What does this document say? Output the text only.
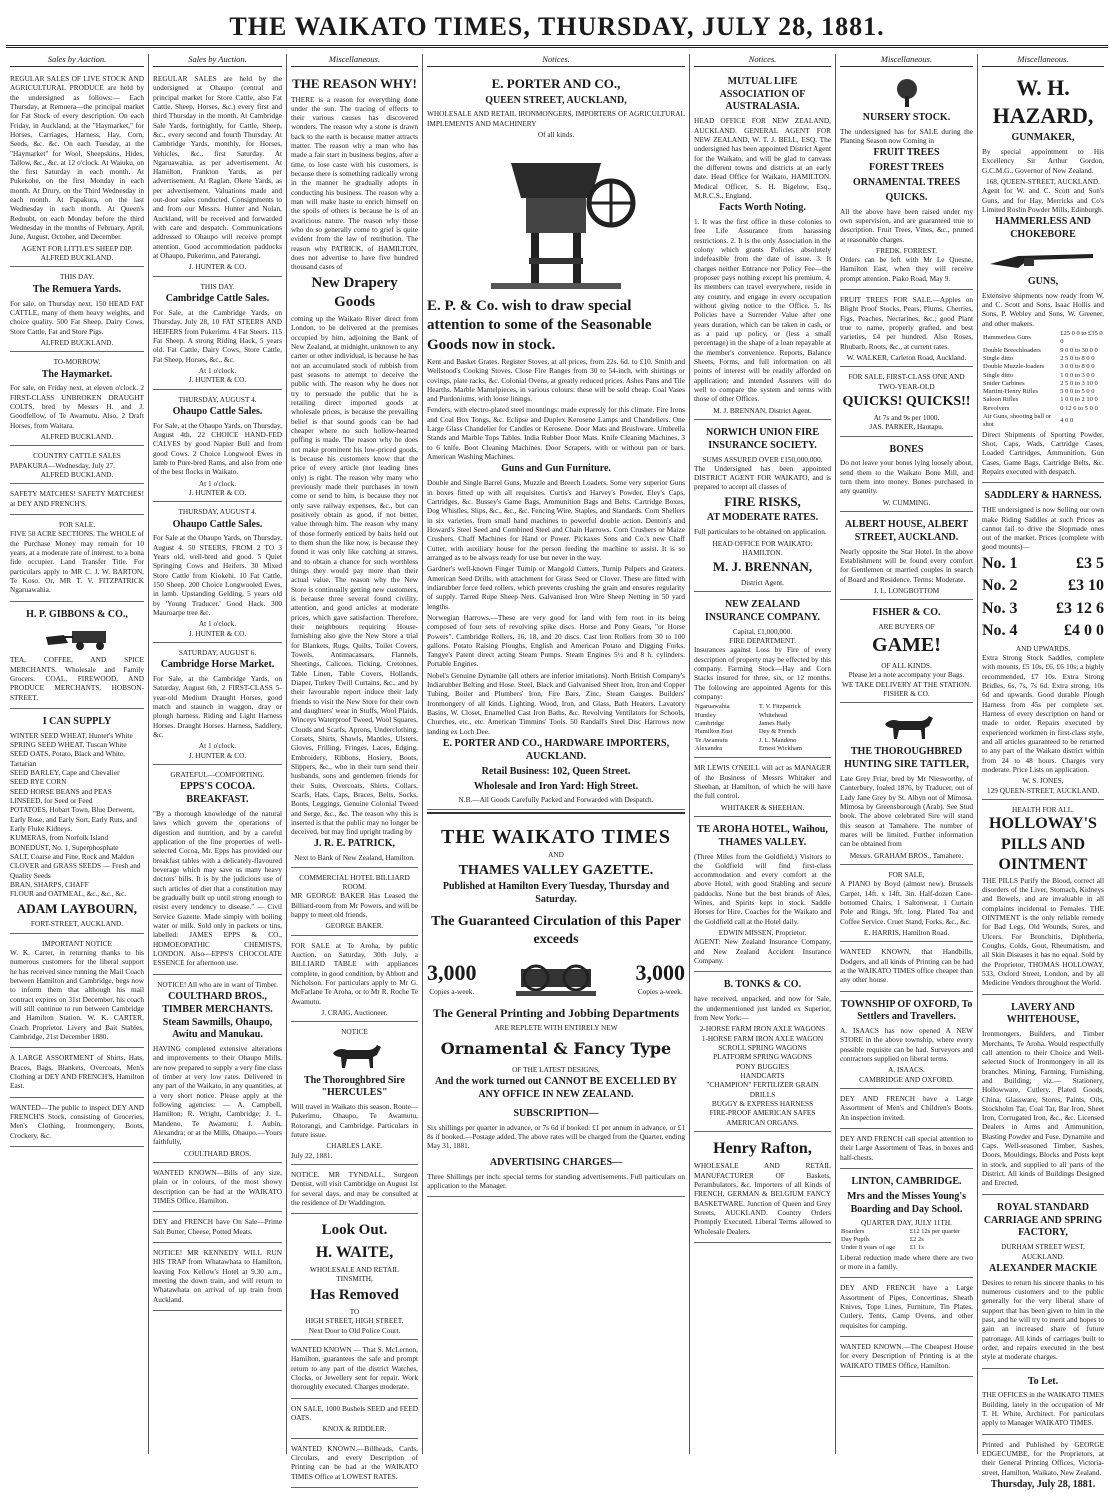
THE WAIKATO TIMES, THURSDAY, JULY 28, 1881.
Sales by Auction.

REGULAR SALES OF LIVE STOCK AND AGRICULTURAL PRODUCE are held by the undersigned as follows:— Each Thursday, at Remuera—the principal market for Fat Stock of every description. On each Friday, in Auckland, at the "Haymarket," for Horses, Carriages, Harness, Hay, Corn, Seeds, &c. &c. On each Tuesday, at the "Haymarket" for Wool, Sheepskins, Hides, Tallow, &c., &c. at 12 o'clock. At Waiuku, on the first Saturday in each month. At Pukekohe, on the first Monday in each month. At Drury, on the Third Wednesday in each month. At Papakura, on the last Wednesday in each month. At Queen's Redoubt, on each Monday before the third Wednesday in the months of February, April, June, August, October, and December.

AGENT FOR LITTLE'S SHEEP DIP.
ALFRED BUCKLAND.
THIS DAY.
The Remuera Yards.

For sale, on Thursday next, 150 HEAD FAT CATTLE, many of them heavy weights, and choice quality. 500 Fat Sheep. Dairy Cows, Store Cattle, Fat and Store Pigs.

ALFRED BUCKLAND.
TO-MORROW.
The Haymarket.

For sale, on Friday next, at eleven o'clock. 2 FIRST-CLASS UNBROKEN DRAUGHT COLTS, bred by Messrs H. and J. Goodfellow, of Te Awamutu. Also, 2 Draft Horses, from Waitara.

ALFRED BUCKLAND.
COUNTRY CATTLE SALES
PAPAKURA—Wednesday, July 27.
ALFRED BUCKLAND.

SAFETY MATCHES! SAFETY MATCHES! at DEY AND FRENCH'S.

FOR SALE.

FIVE 50 ACRE SECTIONS. The WHOLE of the Purchase Money may remain for 10 years, at a moderate rate of interest, to a bona fide occupier. Land Transfer Title. For particulars apply to MR C. J. W. BARTON, Te Koso. Or, MR T. V. FITZPATRICK Ngaruawahia.

H. P. GIBBONS & CO.,

TEA, COFFEE, AND SPICE MERCHANTS. Wholesale and Family Grocers. COAL, FIREWOOD, AND PRODUCE MERCHANTS. HOBSON-STREET.

I CAN SUPPLY
WINTER SEED WHEAT, Hunter's White
SPRING SEED WHEAT, Tuscan White
SEED OATS, Potato, Black and White, Tartarian
SEED BARLEY, Cape and Chevalier
SEED RYE CORN
SEED HORSE BEANS and PEAS
LINSEED, for Seed or Feed
POTATOES, Hobart Town, Blue Derwent, Early Rose, and Early Sort, Early Ruts, and Early Fluke Kidneys.
KUMERAS, from Norfolk Island
BONEDUST, No. 1, Superphosphate
SALT, Coarse and Fine, Rock and Maldon
CLOVER and GRASS SEEDS — Fresh and Quality Seeds
BRAN, SHARPS, CHAFF
FLOUR and OATMEAL, &c., &c., &c.
ADAM LAYBOURN,
FORT-STREET, AUCKLAND.
IMPORTANT NOTICE

W. K. Carter, in returning thanks to his numerous customers for the liberal support he has received since running the Mail Coach between Hamilton and Cambridge, begs now to inform them that although his mail contract expires on 31st December, his coach will still continue to run between Cambridge and Hamilton Station. W. K. CARTER, Coach Proprietor. Livery and Bait Stables, Cambridge, 21st December 1880.

A LARGE ASSORTMENT of Shirts, Hats, Braces, Bags, Blankets, Overcoats, Men's Clothing at DEY AND FRENCH'S, Hamilton East.

WANTED—The public to inspect DEY AND FRENCH'S Stock, consisting of Groceries, Men's Clothing, Ironmongery, Boots, Crockery, &c.

Sales by Auction.

REGULAR SALES are held by the undersigned at Ohaupo (central and principal market for Store Cattle, also Fat Cattle, Sheep, Horses, &c.) every first and third Thursday in the month. At Cambridge Sale Yards, fortnightly, for Cattle, Sheep, &c., every second and fourth Thursday. At Cambridge Yards, monthly, for Horses, Vehicles, &c., first Saturday. At Ngaruawahia, as per advertisement. At Hamilton, Frankton Yards, as per advertisement. At Raglan, Okete Yards, as per advertisement. Valuations made and out-door sales conducted. Consignments to and from our Messrs. Hunter and Nolan, Auckland, will be received and forwarded with care and despatch. Communications addressed to Ohaupo will receive prompt attention. Good accommodation paddocks at Ohaupo, Pukerimu, and Paterangi.

J. HUNTER & CO.
THIS DAY.
Cambridge Cattle Sales.

For Sale, at the Cambridge Yards, on Thursday, July 28, 10 FAT STEERS AND HEIFERS from Pukerimu. 4 Fat Steers. 115 Fat Sheep. A strong Riding Hack, 5 years old. Fat Cattle, Dairy Cows, Store Cattle, Fat Sheep, Horses, &c., &c.

At 1 o'clock.
J. HUNTER & CO.
THURSDAY, AUGUST 4.
Ohaupo Cattle Sales.

For Sale, at the Ohaupo Yards, on Thursday, August 4th, 22 CHOICE HAND-FED CALVES by good Napier Bull and from good Cows. 2 Choice Longwool Ewes in lamb to Pure-bred Rams, and also from one of the best flocks in Waikato.

At 1 o'clock.
J. HUNTER & CO.
THURSDAY, AUGUST 4.
Ohaupo Cattle Sales.

For Sale at the Ohaupo Yards, on Thursday, August 4. 50 STEERS, FROM 2 TO 3 Years old, well-bred and good. 5 Quiet Springing Cows and Heifers. 30 Mixed Store Cattle from Kiokehi. 10 Fat Cattle, 150 Sheep. 200 Choice Longwooled Ewes, in lamb. Upstanding Gelding, 5 years old by 'Young Traducer.' Good Hack. 300 Mauroarpe tree &c.

At 1 o'clock.
J. HUNTER & CO.
SATURDAY, AUGUST 6.
Cambridge Horse Market.

For Sale, at the Cambridge Yards, on Saturday, August 6th, 2 FIRST-CLASS 5-year-old Medium Draught Horses, good match and staunch in waggon, dray or plough harness. Riding and Light Harness Horses. Draught Horses. Harness, Saddlery, &c.

At 1 o'clock.
J. HUNTER & CO.
GRATEFUL—COMFORTING.
EPPS'S COCOA. BREAKFAST.

"By a thorough knowledge of the natural laws which govern the operations of digestion and nutrition, and by a careful application of the fine properties of well-selected Cocoa, Mr. Epps has provided our breakfast tables with a delicately-flavoured beverage which may save us many heavy doctors' bills. It is by the judicious use of such articles of diet that a constitution may be gradually built up until strong enough to resist every tendency to disease." — Civil Service Gazette. Made simply with boiling water or milk. Sold only in packets or tins, labelled: JAMES EPPS & CO., HOMOEOPATHIC CHEMISTS, LONDON. Also—EPPS'S CHOCOLATE ESSENCE for afternoon use.

NOTICE! All who are in want of Timber.
COULTHARD BROS., TIMBER MERCHANTS. Steam Sawmills, Ohaupo, Awitu and Manukau.

HAVING completed extensive alterations and improvements to their Ohaupo Mills, are now prepared to supply a very fine class of timber at very low rates. Delivered in any part of the Waikato, in any quantities, at a very short notice. Please apply at the following agencies: — A. Campbell, Hamilton; R. Wright, Cambridge; J. L. Mandeno, Te Awamutu; J. Aubin, Alexandra; or at the Mills, Ohaupo.—Yours faithfully,

COULTHARD BROS.

WANTED KNOWN—Bills of any size, plain or in colours, of the most showy description can be had at the WAIKATO TIMES Office, Hamilton.

DEY and FRENCH have On Sale—Prime Salt Butter, Cheese, Potted Meats.

NOTICE! MR KENNEDY WILL RUN HIS TRAP from Whatawhata to Hamilton, leaving Fox Kellow's Hotel at 9.30 a.m., meeting the down train, and will return to Whatawhata on arrival of up train from Auckland.

Miscellaneous.
THE REASON WHY!

THERE is a reason for everything done under the sun. The tracing of effects to their various causes has discovered wonders. The reason why a stone is drawn back to the earth is because matter attracts matter. The reason why a man who has made a fair start in business begins, after a time, to lose caste with his customers, is because there is something radically wrong in the manner he gradually adopts in conducting his business. The reason why a man will make haste to enrich himself on the spoils of others is because he is of an avaricious nature. The reason why those who do so generally come to grief is quite evident from the law of retribution. The reason why PATRICK, of HAMILTON, does not advertise to have five hundred thousand cases of

New Drapery Goods

coming up the Waikato River direct from London, to be delivered at the premises occupied by him, adjoining the Bank of New Zealand, at midnight, unknown to any carter or other individual, is because he has not an accumulated stock of rubbish from past seasons to attempt to deceive the public with. The reason why he does not try to persuade the public that he is retailing direct imported goods at wholesale prices, is because the prevailing belief is that sound goods can be had cheaper where no such hollow-hearted puffing is made. The reason why he does not make prominent his low-priced goods, is because his customers know that the price of every article (not leading lines only) is right. The reason why many who previously made their purchases in town come or send to him, is because they not only save railway expenses, &c., but can positively obtain as good, if not better, value through him. The reason why many of those formerly enticed by baits held out to them shun the like now, is because they found it was only like catching at straws, and to obtain a chance for such worthless things they would pay more than their actual value. The reason why the New Store is continually getting new customers, is because three several found civility, attention, and good articles at moderate prices, which gave satisfaction. Therefore, their neighbours requiring House-furnishing also give the New Store a trial for Blankets, Rugs, Quilts, Toilet Covers, Towels, Antimacassars, Flannels, Sheetings, Calicoes, Ticking, Cretonnes, Table Linen, Table Covers, Hollands, Diaper, Turkey Twill Curtains, &c., and by their favourable report induce their lady friends to visit the New Store for their own and daughters' wear in Stuffs, Wool Plaids, Winceys Waterproof Tweed, Wool Squares, Clouds and Scarfs, Aprons, Underclothing, Corsets, Shirts, Shawls, Mantles, Ulsters, Gloves, Frilling, Fringes, Laces, Edging, Embroidery, Ribbons, Hosiery, Boots, Slippers, &c., who in their turn send their husbands, sons and gentlemen friends for their Suits, Overcoats, Shirts, Collars, Scarfs, Hats, Caps, Braces, Belts, Socks, Boots, Leggings, Genuine Colonial Tweed and Serge, &c., &c. The reason why this is inserted is that the public may no longer be deceived, but may find upright trading by

J. R. E. PATRICK,
Next to Bank of New Zealand, Hamilton.
COMMERCIAL HOTEL BILLIARD ROOM.

MR GEORGE BAKER Has Leased the Billiard-room from Mr Powers, and will be happy to meet old friends.

GEORGE BAKER.

FOR SALE at Te Aroha, by public Auction, on Saturday, 30th July, a BILLIARD TABLE with appliances complete, in good condition, by Abbott and Nicholson. For particulars apply to Mr G. McFarlane Te Aroha, or to Mr R. Roche Te Awamutu.

J. CRAIG, Auctioneer.
NOTICE
The Thoroughbred Sire "HERCULES"

Will travel in Waikato this season. Route—Pukerimu, Ohaupo, Te Awamutu, Rotorangi, and Cambridge. Particulars in future issue.

CHARLES LAKE.
July 22, 1881.

NOTICE. MR TYNDALL, Surgeon Dentist, will visit Cambridge on August 1st for several days, and may be consulted at the residence of Dr Waddington.

Look Out.
H. WAITE,
WHOLESALE AND RETAIL TINSMITH,
Has Removed
TO
HIGH STREET, HIGH STREET,
Next Door to Old Police Court.

WANTED KNOWN — That S. McLernon, Hamilton, guarantees the safe and prompt return to any part of the district Watches, Clocks, or Jewellery sent for repair. Work thoroughly executed. Charges moderate.

ON SALE, 1000 Bushels SEED and FEED OATS.

KNOX & RIDDLER.

WANTED KNOWN.—Billheads, Cards, Circulars, and every Description of Printing can be had at the WAIKATO TIMES Office at LOWEST RATES.

Notices.
E. PORTER AND CO.,
QUEEN STREET, AUCKLAND,

WHOLESALE AND RETAIL IRONMONGERS, IMPORTERS OF AGRICULTURAL IMPLEMENTS AND MACHINERY

Of all kinds.
E. P. & Co. wish to draw special attention to some of the Seasonable Goods now in stock.

Kent and Basket Grates. Register Stoves, at all prices, from 22s. 6d. to £10. Smith and Wellstood's Cooking Stoves. Close Fire Ranges from 30 to 54-inch, with shirtings or covings, plate racks, &c. Colonial Ovens, at greatly reduced prices. Ashes Pans and Tile Hearths. Marble Mantelpieces, in various colours: these will be sold cheap. Coal Vases and Purdoniums, with loose linings.

Fenders, with electro-plated steel mountings: made expressly for this climate. Fire Irons and Coal Box Tongs, &c. Eclipse and Duplex Kerosene Lamps and Chandeliers. One Large Glass Chandelier for Candles or Kerosene. Door Mats and Brushware. Umbrella Stands and Marble Tops Tables. India Rubber Door Mats. Knife Cleaning Machines, 3 to 6 knife. Boot Cleaning Machines. Door Scrapers, with or without pan or bars. American Washing Machines.

Guns and Gun Furniture.

Double and Single Barrel Guns, Muzzle and Breech Loaders. Some very superior Guns in boxes fitted up with all requisites. Curtis's and Harvey's Powder, Eley's Caps, Cartridges, &c. Bussey's Game Bags, Ammunition Bags and Belts. Cartridge Boxes, Dog Whistles, Slips, &c., &c., &c. Fencing Wire, Staples, and Standards. Corn Shellers in six varieties, from small hand machines to powerful double action. Denton's and Howard's Steel Seed and Combined Steel and Chain Harrows. Corn Crushers or Maize Crushers. Chaff Machines for Hand or Power. Pickaxes Sons and Co.'s new Chaff Cutter, with auxiliary house for the person feeding the machine to assist. It is so arranged as to be always ready for use but never in the way.

Gardner's well-known Finger Turnip or Mangold Cutters, Turnip Pulpers and Graters. American Seed Drills, with attachment for Grass Seed or Clover. These are fitted with indiarubber force feed rollers, which prevents crushing the grain and ensures regularity of supply. Tarred Rope Sheep Nets. Galvanised Iron Wire Sheep Netting in 50 yard lengths.

Norwegian Harrows.—These are very good for land with fern root in its being composed of four sets of revolving spike discs. Horse and Pony Gears, "or Horse Powers". Cambridge Rollers, 16, 18, and 20 discs. Cast Iron Rollers from 30 to 100 gallons. Potato Raising Ploughs, English and American Potato and Digging Forks. Tangye's Patent direct acting Steam Pumps. Steam Engines 5½ and 8 h. cylinders. Portable Engines.

Nobel's Genuine Dynamite (all others are inferior imitations). North British Company's Indiarubber Belting and Hose. Steel, Black and Galvanised Sheet Iron, Iron and Copper Tubing, Boiler and Plumbers' Iron, Fire Bars, Zinc, Steam Gauges. Builders' Ironmongery of all kinds. Lighting. Wood, Iron, and Glass, Bath Heaters. Lavatory Basins, W. Closet, Enamelled Cast Iron Baths, &c. Revolving Ventilators for Schools, Churches, etc., etc. American Timmins' Tools. 50 Randall's Steel Disc Harrows now landing ex Loch Dee.

E. PORTER AND CO., HARDWARE IMPORTERS, AUCKLAND.
Retail Business: 102, Queen Street.
Wholesale and Iron Yard: High Street.
N.B.—All Goods Carefully Packed and Forwarded with Despatch.
THE WAIKATO TIMES
AND
THAMES VALLEY GAZETTE.
Published at Hamilton Every Tuesday, Thursday and Saturday.
The Guaranteed Circulation of this Paper exceeds
3,000
Copies a-week.
3,000
Copies a-week.
The General Printing and Jobbing Departments
ARE REPLETE WITH ENTIRELY NEW
Ornamental & Fancy Type
OF THE LATEST DESIGNS,
And the work turned out CANNOT BE EXCELLED BY ANY OFFICE IN NEW ZEALAND.
SUBSCRIPTION—

Six shillings per quarter in advance, or 7s 6d if booked: £1 per annum in advance, or £1 8s if booked.—Postage added. The above rates will be charged from the Quarter, ending May 31, 1881.

ADVERTISING CHARGES—

Three Shillings per inch: special terms for standing advertisements. Full particulars on application to the Manager.

Notices.
MUTUAL LIFE ASSOCIATION OF AUSTRALASIA.

HEAD OFFICE FOR NEW ZEALAND, AUCKLAND. GENERAL AGENT FOR NEW ZEALAND, W. T. J. BELL, ESQ. The undersigned has been appointed District Agent for the Waikato, and will be glad to canvass the different towns and districts at an early date. Head Office for Waikato, HAMILTON. Medical Officer, S. H. Bigelow, Esq., M.R.C.S., England.

Facts Worth Noting.

1. It was the first office in these colonies to free Life Assurance from harassing restrictions. 2. It is the only Association in the colony which grants Policies absolutely indefeasible from the date of issue. 3. It charges neither Entrance nor Policy Fee—the proposer pays nothing except his premium. 4. Its members can travel everywhere, reside in any country, and engage in every occupation without giving notice to the Office. 5. Its Policies have a Surrender Value after one years duration, which can be taken in cash, or as a paid up policy, or (less a small percentage) in the shape of a loan repayable at the member's convenience. Reports, Balance Sheets, Forms, and full information on all points of interest will be readily afforded on application; and intended Assurers will do well to compare the system and terms with those of other Offices.

M. J. BRENNAN, District Agent.
NORWICH UNION FIRE INSURANCE SOCIETY.
SUMS ASSURED OVER £150,000,000.

The Undersigned has been appointed DISTRICT AGENT FOR WAIKATO, and is prepared to accept all classes of

FIRE RISKS,
AT MODERATE RATES.

Full particulars to be obtained on application.

HEAD OFFICE FOR WAIKATO: HAMILTON.
M. J. BRENNAN,
District Agent.
NEW ZEALAND INSURANCE COMPANY.
Capital, £1,000,000.
FIRE DEPARTMENT.

Insurances against Loss by Fire of every description of property may be effected by this company. Farming Stock—Hay and Corn Stacks insured for three, six, or 12 months. The following are appointed Agents for this company:

Ngaruawahia	T. V. Fitzpatrick
Huntley	Whitehead
Cambridge	James Haily
Hamilton East	Dey & French
Te Awamutu	J. L. Mandeno
Alexandra	Ernest Wickham

MR LEWIS O'NEILL will act as MANAGER of the Business of Messrs Whitaker and Sheehan, at Hamilton, of which he will have the full control.

WHITAKER & SHEEHAN.
TE AROHA HOTEL, Waihou, THAMES VALLEY.

(Three Miles from the Goldfield.) Visitors to the Goldfield will find first-class accommodation and every comfort at the above Hotel, with good Stabling and secure paddocks. None but the best brands of Ales, Wines, and Spirits kept in stock. Saddle Horses for Hire. Coaches for the Waikato and the Goldfield call at the Hotel daily.

EDWIN MISSEN, Proprietor.

AGENT: New Zealand Insurance Company, and New Zealand Accident Insurance Company.

B. TONKS & CO.

have received, unpacked, and now for Sale, the undermentioned just landed ex Superior, from New York:—

2-HORSE FARM IRON AXLE WAGONS
1-HORSE FARM IRON AXLE WAGON
SCROLL SPRING WAGONS
PLATFORM SPRING WAGONS
PONY BUGGIES
HANDCARTS
"CHAMPION" FERTILIZER GRAIN DRILLS
BUGGY & EXPRESS HARNESS
FIRE-PROOF AMERICAN SAFES
AMERICAN ORGANS.
Henry Rafton,

WHOLESALE AND RETAIL MANUFACTURER OF Baskets, Perambulators, &c. Importers of all Kinds of FRENCH, GERMAN & BELGIUM FANCY BASKETWARE. Junction of Queen and Grey Streets, AUCKLAND. Country Orders Promptly Executed. Liberal Terms allowed to Wholesale Dealers.

Miscellaneous.
NURSERY STOCK.

The undersigned has for SALE during the Planting Season now Coming in

FRUIT TREES
FOREST TREES
ORNAMENTAL TREES
QUICKS.

All the above have been raised under my own supervision, and are guaranteed true to description. Fruit Trees, Vines, &c., pruned at reasonable charges.

FREDK. FORREST.

Orders can be left with Mr Le Quesne, Hamilton East, when they will receive prompt attention. Piako Road, May 9.

FRUIT TREES FOR SALE.—Apples on Blight Proof Stocks, Pears, Plums, Cherries, Figs, Peaches, Nectarines, &c.; good Plant true to name, properly grafted, and best varieties, £4 per hundred. Also Roses, Rhubarb, Roots, &c., at current rates.

W. WALKER, Carleton Road, Auckland.
FOR SALE, FIRST-CLASS ONE AND TWO-YEAR-OLD
QUICKS! QUICKS!!
At 7s and 9s per 1000.
JAS. PARKER, Hautapu.
BONES

Do not leave your bones lying loosely about, send them to the Waikato Bone Mill, and turn them into money. Bones purchased in any quantity.

W. CUMMING.
ALBERT HOUSE, ALBERT STREET, AUCKLAND.

Nearly opposite the Star Hotel. In the above Establishment will be found every comfort for Gentlemen or married couples in search of Board and Residence. Terms: Moderate.

J. L. LONGBOTTOM
FISHER & CO.
ARE BUYERS OF
GAME!
OF ALL KINDS.
Please let a note accompany your Bags.
WE TAKE DELIVERY AT THE STATION.
FISHER & CO.
THE THOROUGHBRED HUNTING SIRE TATTLER,

Late Grey Friar, bred by Mr Niesworthy, of Canterbury, foaled 1876, by Traducer, out of Lady Jane Grey by St. Albyn out of Mimosa. Mimosa by Greensborough (Arab). See Stud book. The above celebrated Sire will stand this season at Tamahere. The number of mares will be limited. Further information can be obtained from

Messrs. GRAHAM BROS., Tamahere.
FOR SALE,

A PIANO by Boyd (almost new). Brussels Carpet, 14ft. x 14ft. 3in. Half-dozen Cane-bottomed Chairs, 1 Saltonwear, 1 Curtain Pole and Rings, 9ft. long. Plated Tea and Coffee Service. Cruet Stand, Forks, &c., &c.

E. HARRIS, Hamilton Road.

WANTED KNOWN, that Handbills, Dodgers, and all kinds of Printing can be had at the WAIKATO TIMES office cheaper than any other house.

TOWNSHIP OF OXFORD, To Settlers and Travellers.

A. ISAACS has now opened A NEW STORE in the above township, where every possible requisite can be had. Surveyors and contractors supplied on liberal terms.

A. ISAACS.
CAMBRIDGE AND OXFORD.

DEY AND FRENCH have a Large Assortment of Men's and Children's Boots. An inspection invited.

DEY AND FRENCH call special attention to their Large Assortment of Teas, in boxes and half-chests.

LINTON, CAMBRIDGE.
Mrs and the Misses Young's Boarding and Day School.
QUARTER DAY, JULY 11TH.
Boarders	£12 12s per quarter
Day Pupils	£2 2s
Under 8 years of age	£1 1s

Liberal reduction made where there are two or more in a family.

DEY AND FRENCH have a Large Assortment of Pipes, Concertinas, Sheath Knives, Tope Lines, Furniture, Tin Plates, Cutlery, Tents, Camp Ovens, and other requisites for camping.

WANTED KNOWN.—The Cheapest House for every Description of Printing is at the WAIKATO TIMES Office, Hamilton.

Miscellaneous.
W. H. HAZARD,
GUNMAKER,

By special appointment to His Excellency Sir Arthur Gordon, G.C.M.G., Governor of New Zealand.

168, QUEEN-STREET, AUCKLAND.

Agent for W. and C. Scott and Son's Guns, and for Hay, Merricks and Co's Limited Roslin Powder Mills, Edinburgh.

HAMMERLESS AND CHOKEBORE
GUNS,

Extensive shipments now ready from W. and C. Scott and Sons, Isaac Hollis and Sons, P. Webley and Sons, W. Greener, and other makers.

Hammerless Guns	£25 0 0 to £35 0 0
Double Breechloaders	9 0 0 to 30 0 0
Single ditto	2 5 0 to 8 0 0
Double Muzzle-loaders	3 0 0 to 8 0 0
Single ditto	1 0 0 to 3 0 0
Snider Carbines	2 5 0 to 3 10 0
Martini-Henry Rifles	5 0 0 to 5 0 0
Saloon Rifles	1 0 0 to 2 10 0
Revolvers	0 12 6 to 5 0 0
Air Guns, shooting ball or shot	4 0 0

Direct Shipments of Sporting Powder, Shot, Caps, Wads, Cartridge Cases, Loaded Cartridges, Ammunition, Gun Cases, Game Bags, Cartridge Belts, &c. Repairs executed with despatch.

SADDLERY & HARNESS.

THE undersigned is now Selling our own make Riding Saddles at such Prices as cannot fail to drive the Slopmade ones out of the market. Prices (complete with good mounts)—

No. 1	£3 5
No. 2	£3 10
No. 3 £3 12 6
No. 4	£4 0 0
AND UPWARDS.

Extra Strong Stock Saddles, complete with mounts, £5 10s, £6, £6 10s; a highly recommended, £7 10s. Extra Strong Bridles, 6s, 7s, 7s 6d. Extra strong, 10s 6d and upwards. Good durable Plough Harness from 45s per complete set. Harness of every description on hand or made to order. Repairs executed by experienced workmen in first-class style, and all articles guaranteed to be returned to any part of the Waikato district within from 24 to 48 hours. Charges very moderate. Price Lists on application.

W. S. JONES,
129 QUEEN-STREET, AUCKLAND.
HEALTH FOR ALL.
HOLLOWAY'S PILLS AND OINTMENT

THE PILLS Purify the Blood, correct all disorders of the Liver, Stomach, Kidneys and Bowels, and are invaluable in all complaints incidental to Females. THE OINTMENT is the only reliable remedy for Bad Legs, Old Wounds, Sores, and Ulcers. For Bronchitis, Diphtheria, Coughs, Colds, Gout, Rheumatism, and all Skin Diseases it has no equal. Sold by the Proprietor, THOMAS HOLLOWAY, 533, Oxford Street, London, and by all Medicine Vendors throughout the World.

LAVERY AND WHITEHOUSE,

Ironmongers, Builders, and Timber Merchants, Te Aroha. Would respectfully call attention to their Choice and Well-selected Stock of Ironmongery in all its branches. Mining, Farming, Furnishing, and Building; viz.— Stationery, Hollowware, Cutlery, Plated Goods, China, Glassware, Stores, Paints, Oils, Stockholm Tar, Coal Tar, Bar Iron, Sheet Iron, Corrugated Iron, &c., &c. Licensed Dealers in Arms and Ammunition, Blasting Powder and Fuse. Dynamite and Caps. Well-seasoned Timber, Sashes, Doors, Mouldings, Blocks and Posts kept in stock, and supplied to all parts of the District. All kinds of Buildings Designed and Erected.

ROYAL STANDARD CARRIAGE AND SPRING FACTORY,
DURHAM STREET WEST, AUCKLAND.
ALEXANDER MACKIE

Desires to return his sincere thanks to his numerous customers and to the public generally for the very liberal share of support that has been given to him in the past, and he will try to merit and hopes to gain an increased share of future patronage. All kinds of carriages built to order, and repairs executed in the best style at moderate charges.

To Let.

THE OFFICES in the WAIKATO TIMES Building, lately in the occupation of Mr T. H. White, Architect. For particulars apply to Manager WAIKATO TIMES.

Printed and Published by GEORGE EDGECUMBE, for the Proprietors, at their General Printing Offices, Victoria-street, Hamilton, Waikato, New Zealand.

Thursday, July 28, 1881.
